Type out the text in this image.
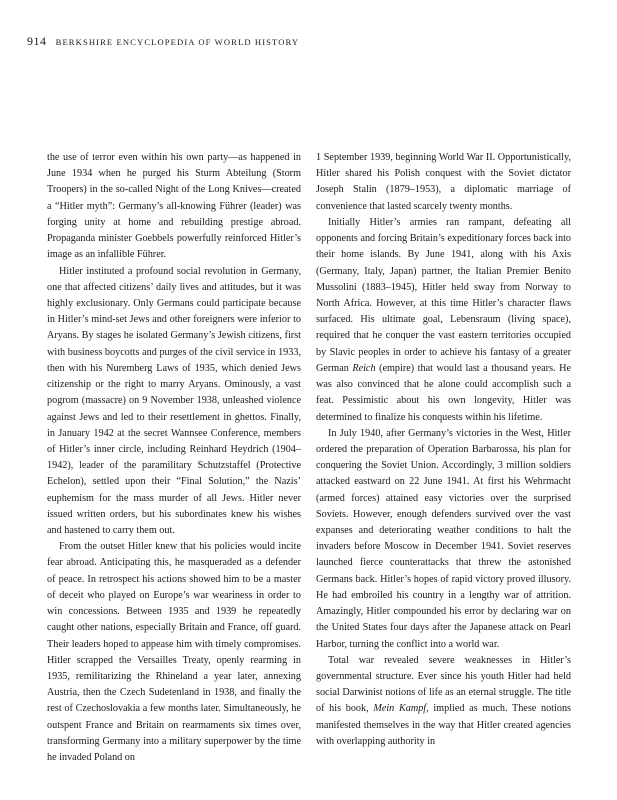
914 BERKSHIRE ENCYCLOPEDIA OF WORLD HISTORY

the use of terror even within his own party—as happened in June 1934 when he purged his Sturm Abteilung (Storm Troopers) in the so-called Night of the Long Knives—created a “Hitler myth”: Germany’s all-knowing Führer (leader) was forging unity at home and rebuilding prestige abroad. Propaganda minister Goebbels powerfully reinforced Hitler’s image as an infallible Führer.

Hitler instituted a profound social revolution in Germany, one that affected citizens’ daily lives and attitudes, but it was highly exclusionary. Only Germans could participate because in Hitler’s mind-set Jews and other foreigners were inferior to Aryans. By stages he isolated Germany’s Jewish citizens, first with business boycotts and purges of the civil service in 1933, then with his Nuremberg Laws of 1935, which denied Jews citizenship or the right to marry Aryans. Ominously, a vast pogrom (massacre) on 9 November 1938, unleashed violence against Jews and led to their resettlement in ghettos. Finally, in January 1942 at the secret Wannsee Conference, members of Hitler’s inner circle, including Reinhard Heydrich (1904–1942), leader of the paramilitary Schutzstaffel (Protective Echelon), settled upon their “Final Solution,” the Nazis’ euphemism for the mass murder of all Jews. Hitler never issued written orders, but his subordinates knew his wishes and hastened to carry them out.

From the outset Hitler knew that his policies would incite fear abroad. Anticipating this, he masqueraded as a defender of peace. In retrospect his actions showed him to be a master of deceit who played on Europe’s war weariness in order to win concessions. Between 1935 and 1939 he repeatedly caught other nations, especially Britain and France, off guard. Their leaders hoped to appease him with timely compromises. Hitler scrapped the Versailles Treaty, openly rearming in 1935, remilitarizing the Rhineland a year later, annexing Austria, then the Czech Sudetenland in 1938, and finally the rest of Czechoslovakia a few months later. Simultaneously, he outspent France and Britain on rearmaments six times over, transforming Germany into a military superpower by the time he invaded Poland on

1 September 1939, beginning World War II. Opportunistically, Hitler shared his Polish conquest with the Soviet dictator Joseph Stalin (1879–1953), a diplomatic marriage of convenience that lasted scarcely twenty months.

Initially Hitler’s armies ran rampant, defeating all opponents and forcing Britain’s expeditionary forces back into their home islands. By June 1941, along with his Axis (Germany, Italy, Japan) partner, the Italian Premier Benito Mussolini (1883–1945), Hitler held sway from Norway to North Africa. However, at this time Hitler’s character flaws surfaced. His ultimate goal, Lebensraum (living space), required that he conquer the vast eastern territories occupied by Slavic peoples in order to achieve his fantasy of a greater German Reich (empire) that would last a thousand years. He was also convinced that he alone could accomplish such a feat. Pessimistic about his own longevity, Hitler was determined to finalize his conquests within his lifetime.

In July 1940, after Germany’s victories in the West, Hitler ordered the preparation of Operation Barbarossa, his plan for conquering the Soviet Union. Accordingly, 3 million soldiers attacked eastward on 22 June 1941. At first his Wehrmacht (armed forces) attained easy victories over the surprised Soviets. However, enough defenders survived over the vast expanses and deteriorating weather conditions to halt the invaders before Moscow in December 1941. Soviet reserves launched fierce counterattacks that threw the astonished Germans back. Hitler’s hopes of rapid victory proved illusory. He had embroiled his country in a lengthy war of attrition. Amazingly, Hitler compounded his error by declaring war on the United States four days after the Japanese attack on Pearl Harbor, turning the conflict into a world war.

Total war revealed severe weaknesses in Hitler’s governmental structure. Ever since his youth Hitler had held social Darwinist notions of life as an eternal struggle. The title of his book, Mein Kampf, implied as much. These notions manifested themselves in the way that Hitler created agencies with overlapping authority in
